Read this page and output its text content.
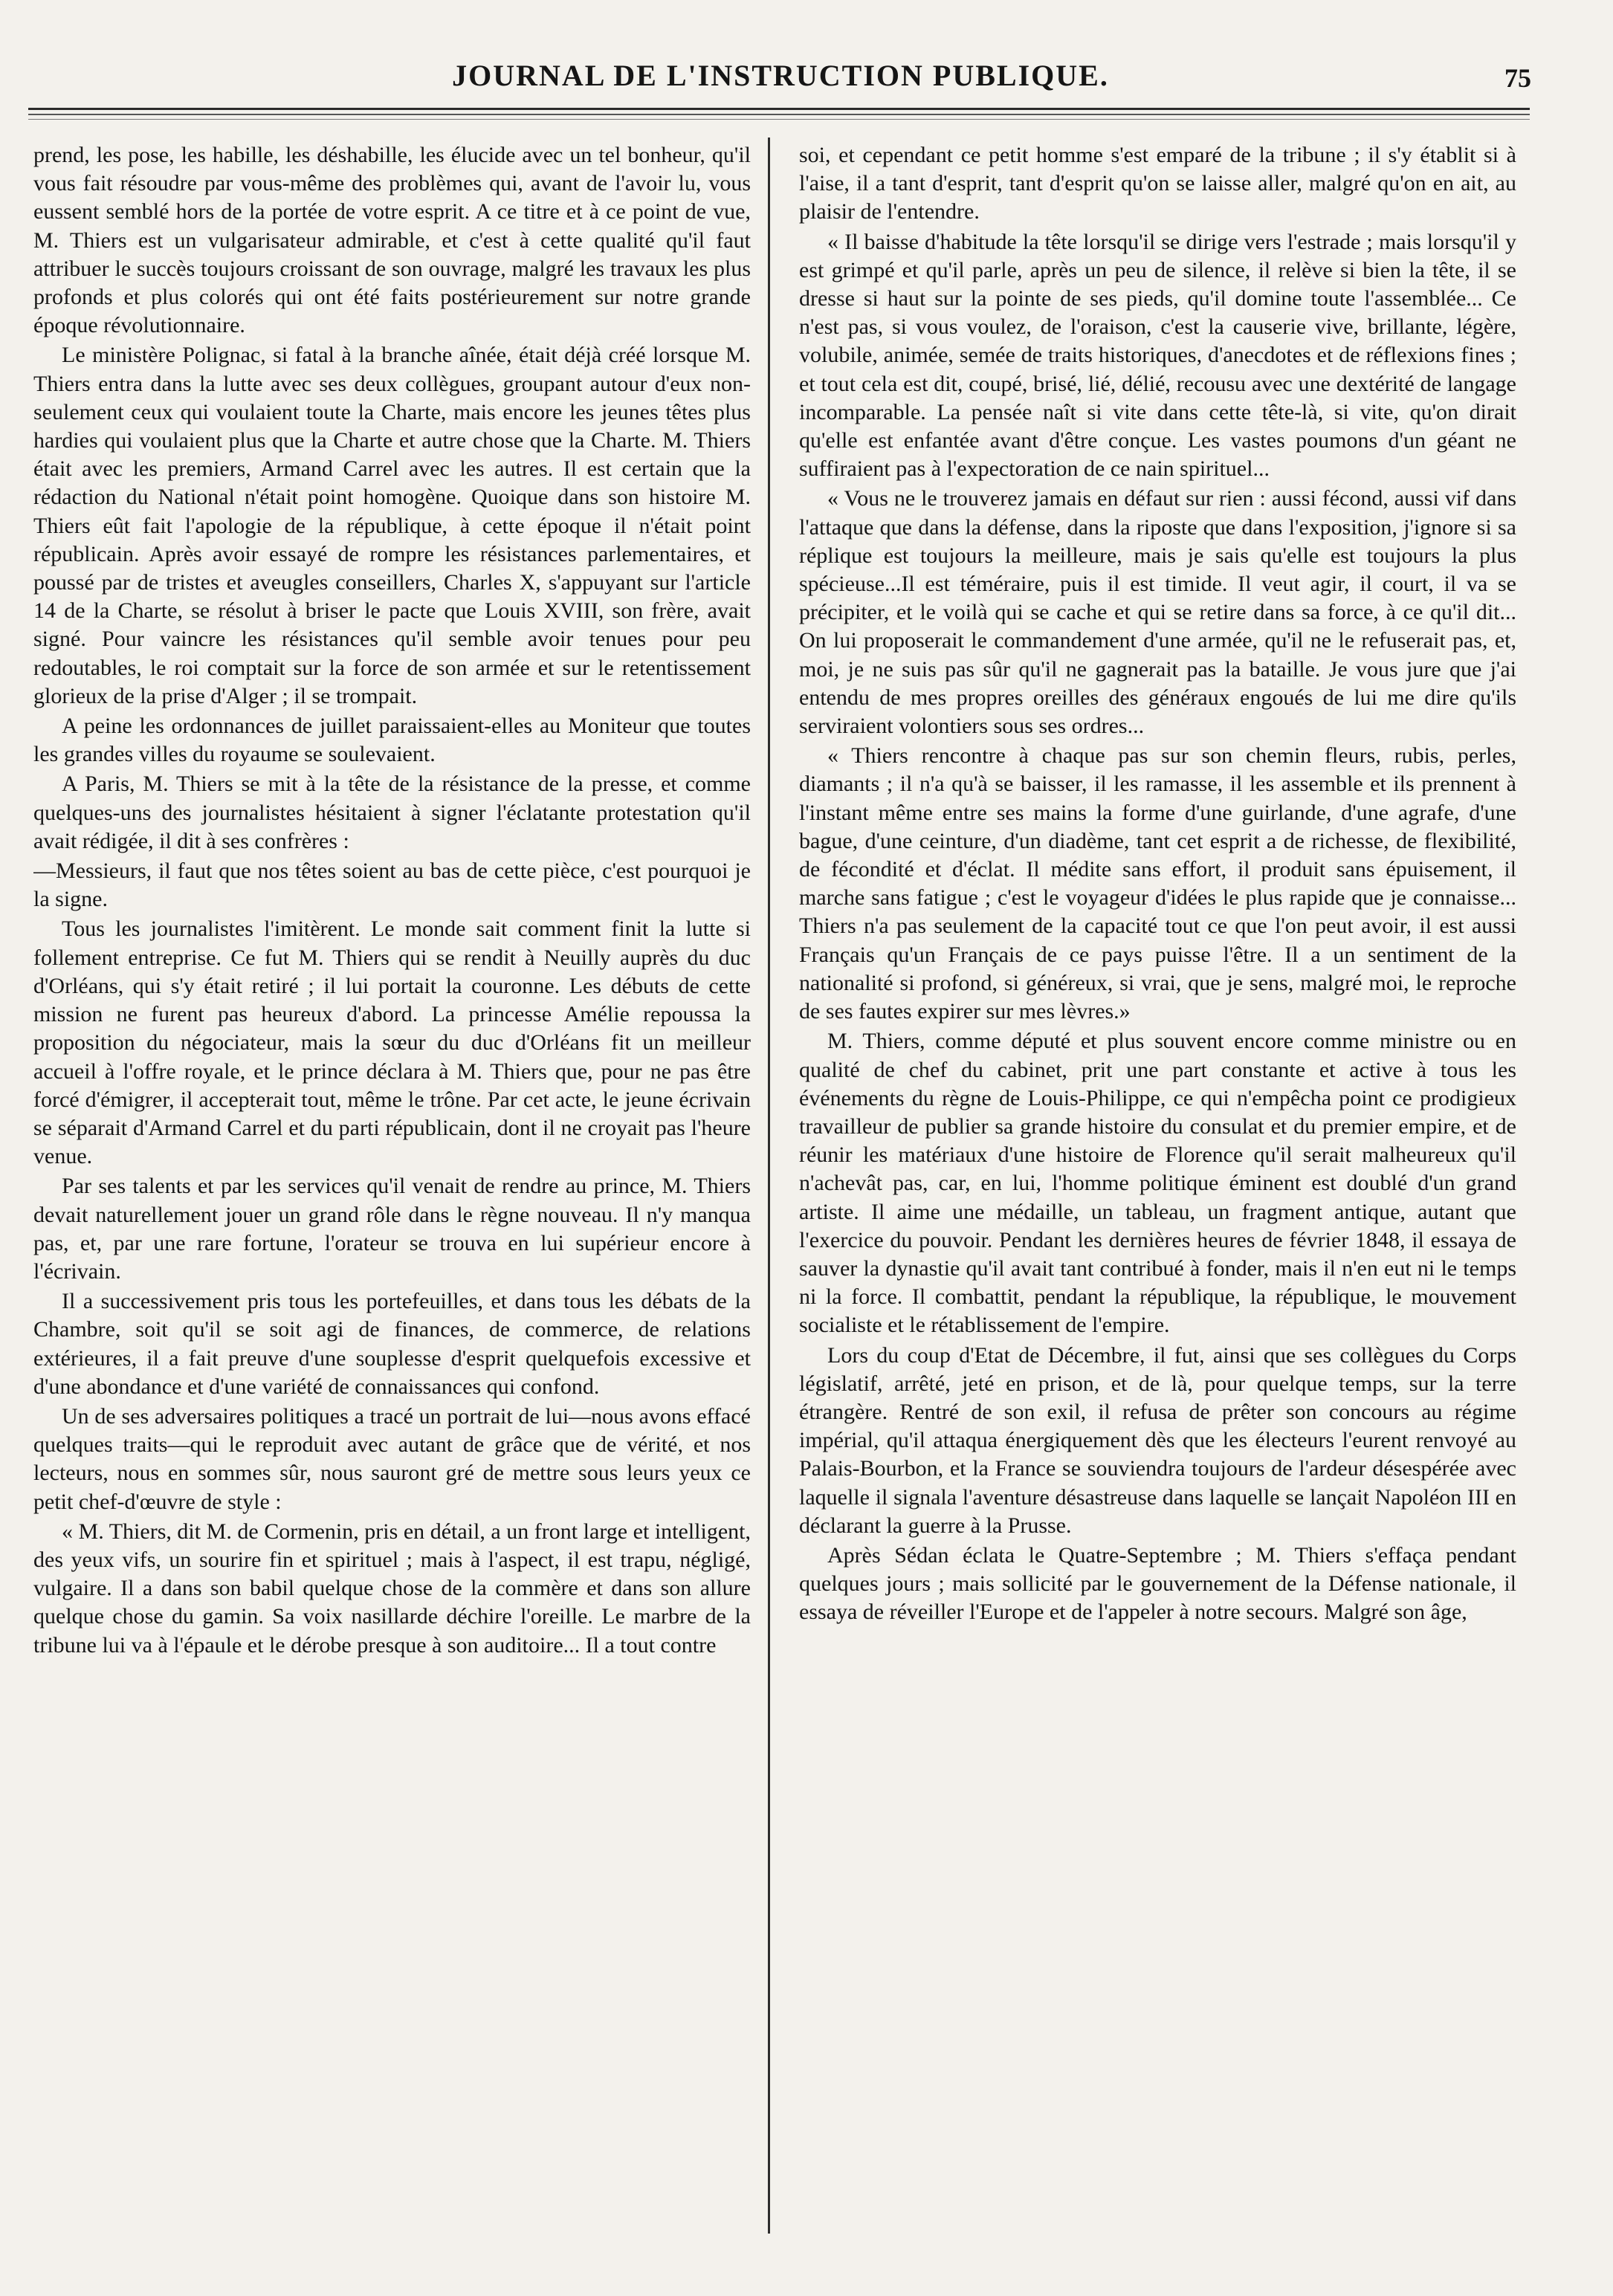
JOURNAL DE L'INSTRUCTION PUBLIQUE.	75

prend, les pose, les habille, les déshabille, les élucide avec un tel bonheur, qu'il vous fait résoudre par vous-même des problèmes qui, avant de l'avoir lu, vous eussent semblé hors de la portée de votre esprit. A ce titre et à ce point de vue, M. Thiers est un vulgarisateur admirable, et c'est à cette qualité qu'il faut attribuer le succès toujours croissant de son ouvrage, malgré les travaux les plus profonds et plus colorés qui ont été faits postérieurement sur notre grande époque révolutionnaire.

Le ministère Polignac, si fatal à la branche aînée, était déjà créé lorsque M. Thiers entra dans la lutte avec ses deux collègues, groupant autour d'eux non-seulement ceux qui voulaient toute la Charte, mais encore les jeunes têtes plus hardies qui voulaient plus que la Charte et autre chose que la Charte. M. Thiers était avec les premiers, Armand Carrel avec les autres. Il est certain que la rédaction du National n'était point homogène. Quoique dans son histoire M. Thiers eût fait l'apologie de la république, à cette époque il n'était point républicain. Après avoir essayé de rompre les résistances parlementaires, et poussé par de tristes et aveugles conseillers, Charles X, s'appuyant sur l'article 14 de la Charte, se résolut à briser le pacte que Louis XVIII, son frère, avait signé. Pour vaincre les résistances qu'il semble avoir tenues pour peu redoutables, le roi comptait sur la force de son armée et sur le retentissement glorieux de la prise d'Alger ; il se trompait.

A peine les ordonnances de juillet paraissaient-elles au Moniteur que toutes les grandes villes du royaume se soulevaient.

A Paris, M. Thiers se mit à la tête de la résistance de la presse, et comme quelques-uns des journalistes hésitaient à signer l'éclatante protestation qu'il avait rédigée, il dit à ses confrères :

—Messieurs, il faut que nos têtes soient au bas de cette pièce, c'est pourquoi je la signe.

Tous les journalistes l'imitèrent. Le monde sait comment finit la lutte si follement entreprise. Ce fut M. Thiers qui se rendit à Neuilly auprès du duc d'Orléans, qui s'y était retiré ; il lui portait la couronne. Les débuts de cette mission ne furent pas heureux d'abord. La princesse Amélie repoussa la proposition du négociateur, mais la sœur du duc d'Orléans fit un meilleur accueil à l'offre royale, et le prince déclara à M. Thiers que, pour ne pas être forcé d'émigrer, il accepterait tout, même le trône. Par cet acte, le jeune écrivain se séparait d'Armand Carrel et du parti républicain, dont il ne croyait pas l'heure venue.

Par ses talents et par les services qu'il venait de rendre au prince, M. Thiers devait naturellement jouer un grand rôle dans le règne nouveau. Il n'y manqua pas, et, par une rare fortune, l'orateur se trouva en lui supérieur encore à l'écrivain.

Il a successivement pris tous les portefeuilles, et dans tous les débats de la Chambre, soit qu'il se soit agi de finances, de commerce, de relations extérieures, il a fait preuve d'une souplesse d'esprit quelquefois excessive et d'une abondance et d'une variété de connaissances qui confond.

Un de ses adversaires politiques a tracé un portrait de lui—nous avons effacé quelques traits—qui le reproduit avec autant de grâce que de vérité, et nos lecteurs, nous en sommes sûr, nous sauront gré de mettre sous leurs yeux ce petit chef-d'œuvre de style :

« M. Thiers, dit M. de Cormenin, pris en détail, a un front large et intelligent, des yeux vifs, un sourire fin et spirituel ; mais à l'aspect, il est trapu, négligé, vulgaire. Il a dans son babil quelque chose de la commère et dans son allure quelque chose du gamin. Sa voix nasillarde déchire l'oreille. Le marbre de la tribune lui va à l'épaule et le dérobe presque à son auditoire... Il a tout contre

soi, et cependant ce petit homme s'est emparé de la tribune ; il s'y établit si à l'aise, il a tant d'esprit, tant d'esprit qu'on se laisse aller, malgré qu'on en ait, au plaisir de l'entendre.

« Il baisse d'habitude la tête lorsqu'il se dirige vers l'estrade ; mais lorsqu'il y est grimpé et qu'il parle, après un peu de silence, il relève si bien la tête, il se dresse si haut sur la pointe de ses pieds, qu'il domine toute l'assemblée... Ce n'est pas, si vous voulez, de l'oraison, c'est la causerie vive, brillante, légère, volubile, animée, semée de traits historiques, d'anecdotes et de réflexions fines ; et tout cela est dit, coupé, brisé, lié, délié, recousu avec une dextérité de langage incomparable. La pensée naît si vite dans cette tête-là, si vite, qu'on dirait qu'elle est enfantée avant d'être conçue. Les vastes poumons d'un géant ne suffiraient pas à l'expectoration de ce nain spirituel...

« Vous ne le trouverez jamais en défaut sur rien : aussi fécond, aussi vif dans l'attaque que dans la défense, dans la riposte que dans l'exposition, j'ignore si sa réplique est toujours la meilleure, mais je sais qu'elle est toujours la plus spécieuse...Il est téméraire, puis il est timide. Il veut agir, il court, il va se précipiter, et le voilà qui se cache et qui se retire dans sa force, à ce qu'il dit... On lui proposerait le commandement d'une armée, qu'il ne le refuserait pas, et, moi, je ne suis pas sûr qu'il ne gagnerait pas la bataille. Je vous jure que j'ai entendu de mes propres oreilles des généraux engoués de lui me dire qu'ils serviraient volontiers sous ses ordres...

« Thiers rencontre à chaque pas sur son chemin fleurs, rubis, perles, diamants ; il n'a qu'à se baisser, il les ramasse, il les assemble et ils prennent à l'instant même entre ses mains la forme d'une guirlande, d'une agrafe, d'une bague, d'une ceinture, d'un diadème, tant cet esprit a de richesse, de flexibilité, de fécondité et d'éclat. Il médite sans effort, il produit sans épuisement, il marche sans fatigue ; c'est le voyageur d'idées le plus rapide que je connaisse... Thiers n'a pas seulement de la capacité tout ce que l'on peut avoir, il est aussi Français qu'un Français de ce pays puisse l'être. Il a un sentiment de la nationalité si profond, si généreux, si vrai, que je sens, malgré moi, le reproche de ses fautes expirer sur mes lèvres.»

M. Thiers, comme député et plus souvent encore comme ministre ou en qualité de chef du cabinet, prit une part constante et active à tous les événements du règne de Louis-Philippe, ce qui n'empêcha point ce prodigieux travailleur de publier sa grande histoire du consulat et du premier empire, et de réunir les matériaux d'une histoire de Florence qu'il serait malheureux qu'il n'achevât pas, car, en lui, l'homme politique éminent est doublé d'un grand artiste. Il aime une médaille, un tableau, un fragment antique, autant que l'exercice du pouvoir. Pendant les dernières heures de février 1848, il essaya de sauver la dynastie qu'il avait tant contribué à fonder, mais il n'en eut ni le temps ni la force. Il combattit, pendant la république, la république, le mouvement socialiste et le rétablissement de l'empire.

Lors du coup d'Etat de Décembre, il fut, ainsi que ses collègues du Corps législatif, arrêté, jeté en prison, et de là, pour quelque temps, sur la terre étrangère. Rentré de son exil, il refusa de prêter son concours au régime impérial, qu'il attaqua énergiquement dès que les électeurs l'eurent renvoyé au Palais-Bourbon, et la France se souviendra toujours de l'ardeur désespérée avec laquelle il signala l'aventure désastreuse dans laquelle se lançait Napoléon III en déclarant la guerre à la Prusse.

Après Sédan éclata le Quatre-Septembre ; M. Thiers s'effaça pendant quelques jours ; mais sollicité par le gouvernement de la Défense nationale, il essaya de réveiller l'Europe et de l'appeler à notre secours. Malgré son âge,
